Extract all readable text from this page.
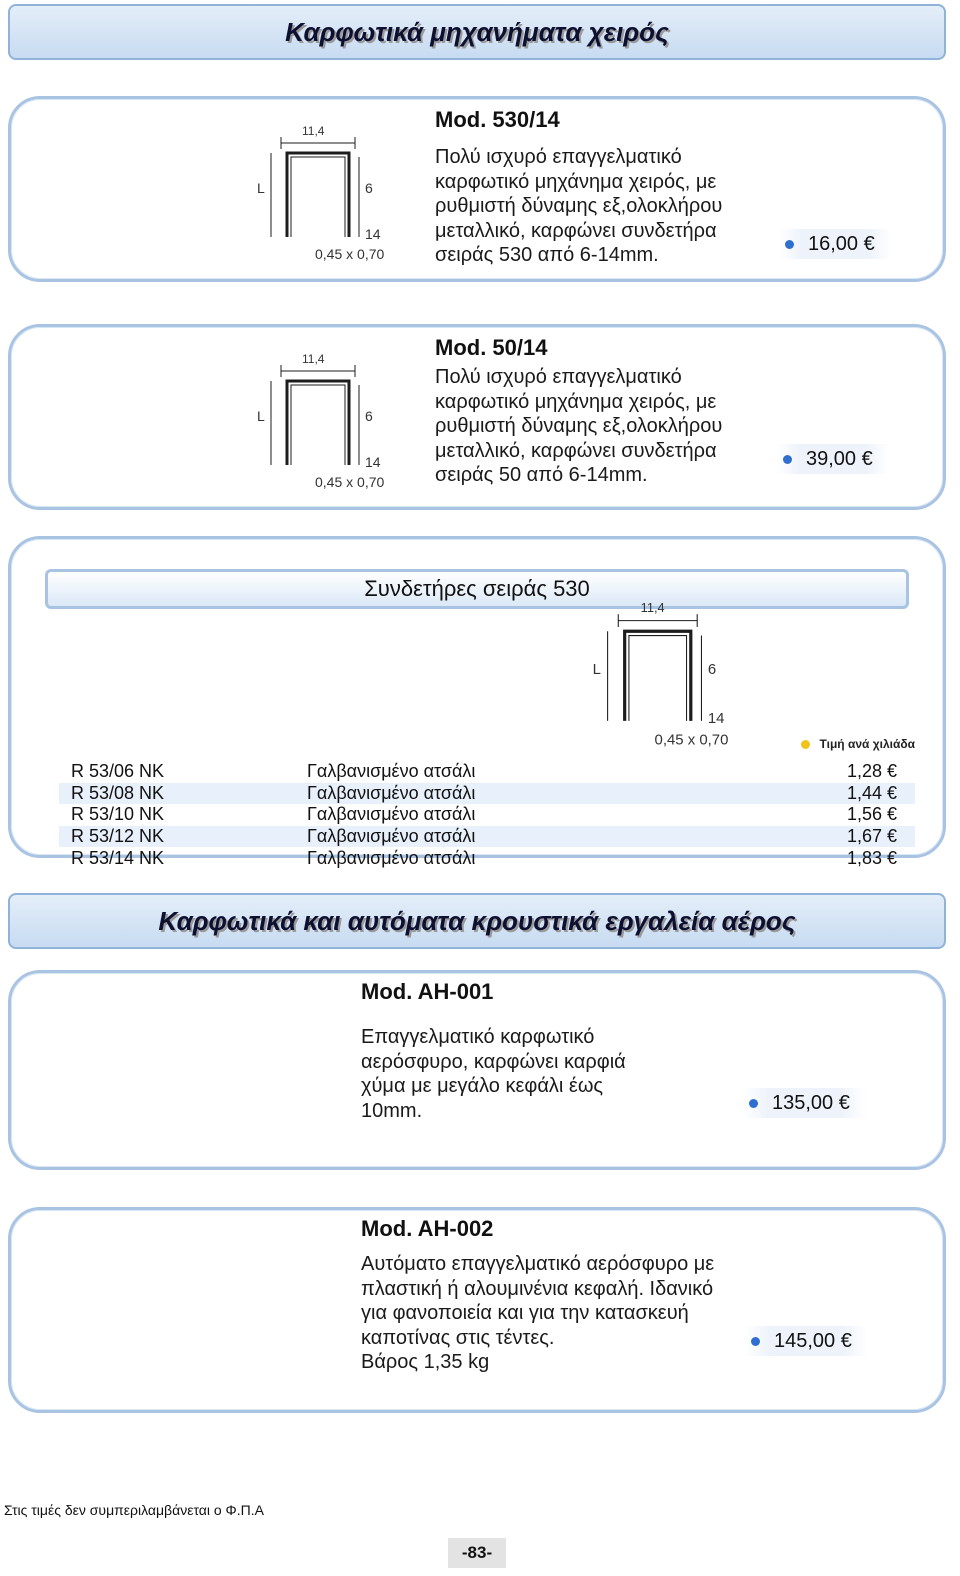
Καρφωτικά μηχανήματα χειρός
11,4
L	6
14
0,45 x 0,70
Mod. 530/14
Πολύ ισχυρό επαγγελματικό
καρφωτικό μηχάνημα χειρός, με
ρυθμιστή δύναμης εξ,ολοκλήρου
μεταλλικό, καρφώνει συνδετήρα
σειράς 530 από 6-14mm.
16,00 €
11,4
L	6
14
0,45 x 0,70
Mod. 50/14
Πολύ ισχυρό επαγγελματικό
καρφωτικό μηχάνημα χειρός, με
ρυθμιστή δύναμης εξ,ολοκλήρου
μεταλλικό, καρφώνει συνδετήρα
σειράς 50 από 6-14mm.
39,00 €
Συνδετήρες σειράς 530
11,4
L	6
14
0,45 x 0,70	Τιμή ανά χιλιάδα
R 53/06 NK	Γαλβανισμένο ατσάλι	1,28 €
R 53/08 NK	Γαλβανισμένο ατσάλι	1,44 €
R 53/10 NK	Γαλβανισμένο ατσάλι	1,56 €
R 53/12 NK	Γαλβανισμένο ατσάλι	1,67 €
R 53/14 NK	Γαλβανισμένο ατσάλι	1,83 €
Καρφωτικά και αυτόματα κρουστικά εργαλεία αέρος
Mod. AH-001
Επαγγελματικό καρφωτικό
αερόσφυρο, καρφώνει καρφιά
χύμα με μεγάλο κεφάλι έως
10mm.	135,00 €
Mod. AH-002
Αυτόματο επαγγελματικό αερόσφυρο με
πλαστική ή αλουμινένια κεφαλή. Ιδανικό
για φανοποιεία και για την κατασκευή
καποτίνας στις τέντες.
Βάρος 1,35 kg
145,00 €
Στις τιμές δεν συμπεριλαμβάνεται ο Φ.Π.Α
-83-
